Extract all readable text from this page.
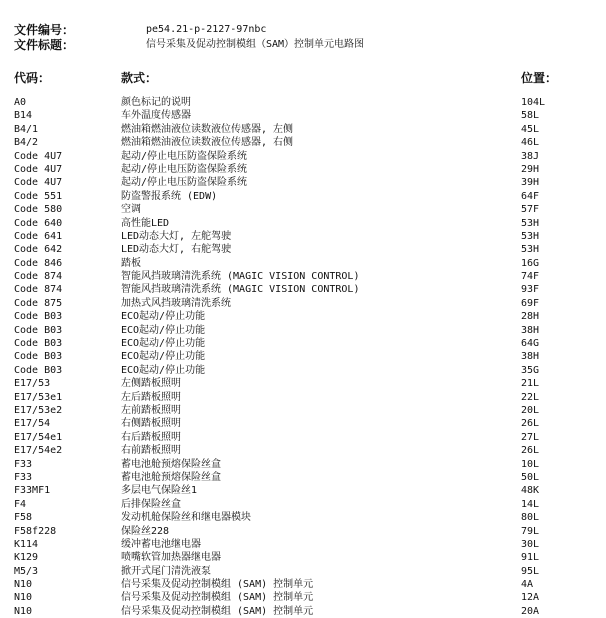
文件编号：	pe54.21-p-2127-97nbc
文件标题：	信号采集及促动控制模组（SAM）控制单元电路图
代码：	款式：	位置：
A0	颜色标记的说明	104L
B14	车外温度传感器	58L
B4/1	燃油箱燃油液位读数液位传感器, 左侧	45L
B4/2	燃油箱燃油液位读数液位传感器, 右侧	46L
Code 4U7	起动/停止电压防盗保险系统	38J
Code 4U7	起动/停止电压防盗保险系统	29H
Code 4U7	起动/停止电压防盗保险系统	39H
Code 551	防盗警报系统 (EDW)	64F
Code 580	空调	57F
Code 640	高性能LED	53H
Code 641	LED动态大灯, 左舵驾驶	53H
Code 642	LED动态大灯, 右舵驾驶	53H
Code 846	踏板	16G
Code 874	智能风挡玻璃清洗系统 (MAGIC VISION CONTROL)	74F
Code 874	智能风挡玻璃清洗系统 (MAGIC VISION CONTROL)	93F
Code 875	加热式风挡玻璃清洗系统	69F
Code B03	ECO起动/停止功能	28H
Code B03	ECO起动/停止功能	38H
Code B03	ECO起动/停止功能	64G
Code B03	ECO起动/停止功能	38H
Code B03	ECO起动/停止功能	35G
E17/53	左侧踏板照明	21L
E17/53e1	左后踏板照明	22L
E17/53e2	左前踏板照明	20L
E17/54	右侧踏板照明	26L
E17/54e1	右后踏板照明	27L
E17/54e2	右前踏板照明	26L
F33	蓄电池舱预熔保险丝盒	10L
F33	蓄电池舱预熔保险丝盒	50L
F33MF1	多层电气保险丝1	48K
F4	后排保险丝盒	14L
F58	发动机舱保险丝和继电器模块	80L
F58f228	保险丝228	79L
K114	缓冲蓄电池继电器	30L
K129	喷嘴软管加热器继电器	91L
M5/3	掀开式尾门清洗液泵	95L
N10	信号采集及促动控制模组 (SAM) 控制单元	4A
N10	信号采集及促动控制模组 (SAM) 控制单元	12A
N10	信号采集及促动控制模组 (SAM) 控制单元	20A
